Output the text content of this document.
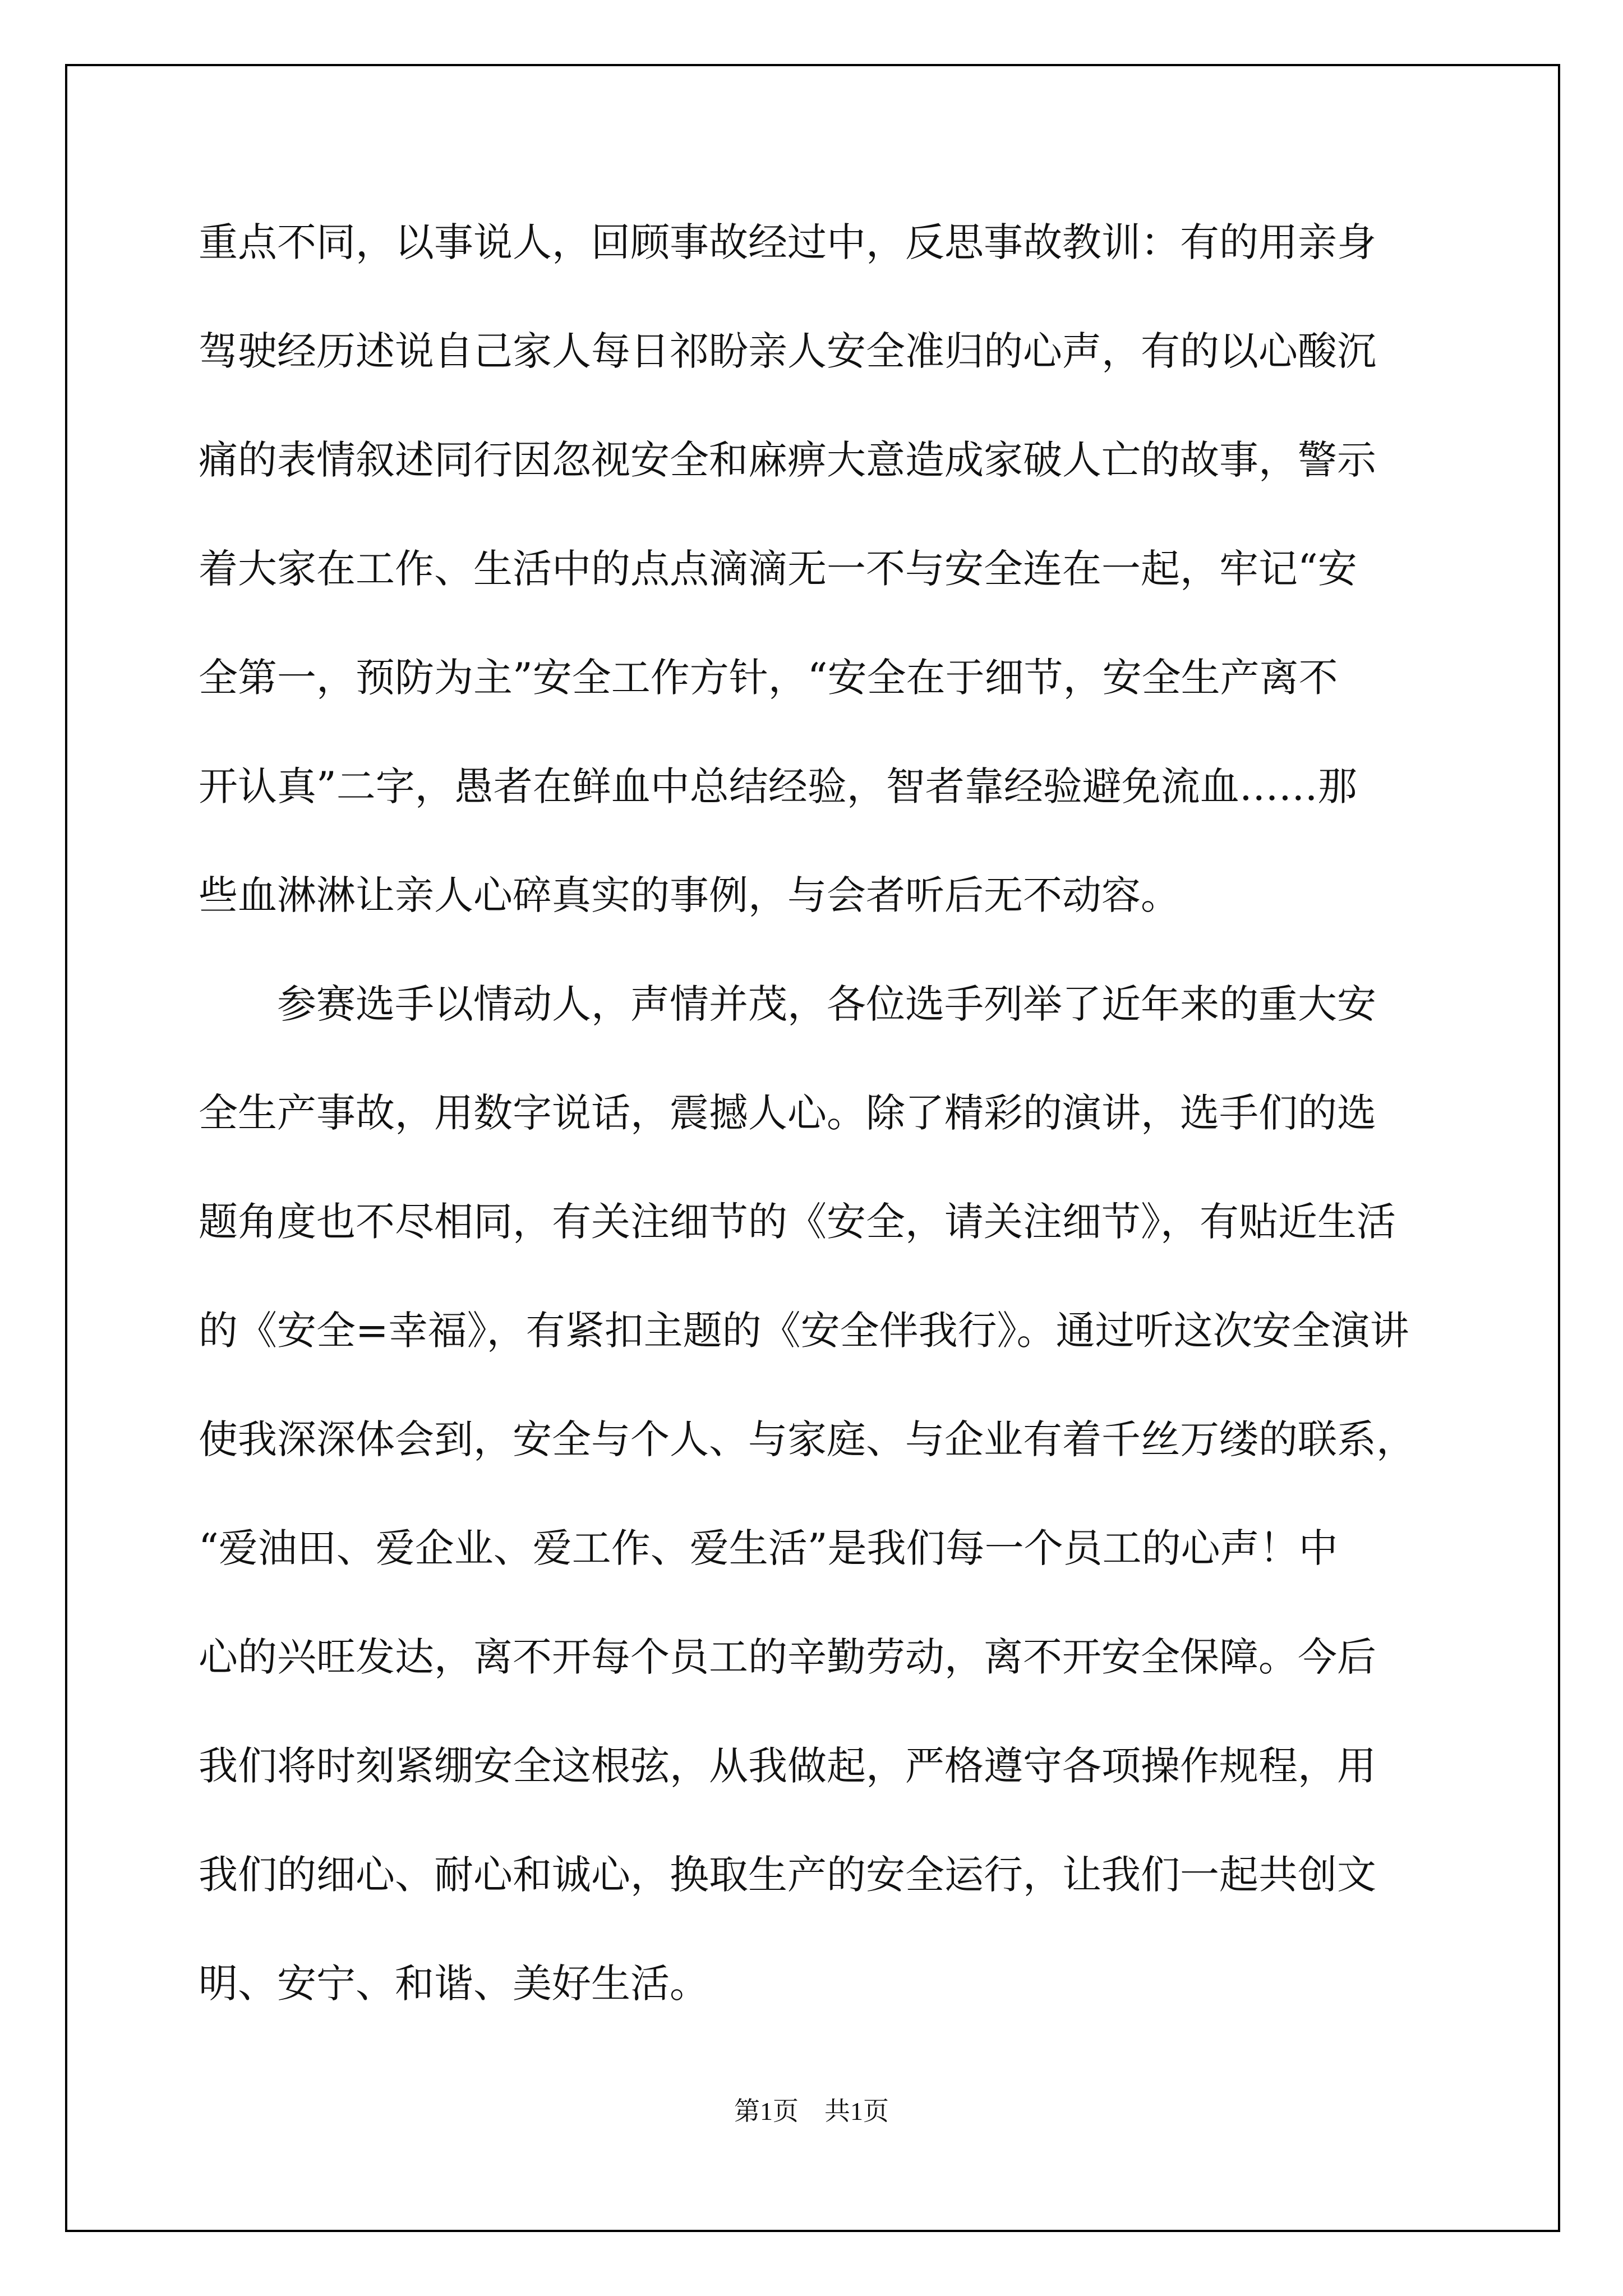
重点不同，以事说人，回顾事故经过中，反思事故教训：有的用亲身
驾驶经历述说自己家人每日祁盼亲人安全准归的心声，有的以心酸沉
痛的表情叙述同行因忽视安全和麻痹大意造成家破人亡的故事，警示
着大家在工作、生活中的点点滴滴无一不与安全连在一起，牢记“安
全第一，预防为主”安全工作方针，“安全在于细节，安全生产离不
开认真”二字，愚者在鲜血中总结经验，智者靠经验避免流血……那
些血淋淋让亲人心碎真实的事例，与会者听后无不动容。
参赛选手以情动人，声情并茂，各位选手列举了近年来的重大安
全生产事故，用数字说话，震撼人心。除了精彩的演讲，选手们的选
题角度也不尽相同，有关注细节的《安全，请关注细节》，有贴近生活
的《安全=幸福》，有紧扣主题的《安全伴我行》。通过听这次安全演讲
使我深深体会到，安全与个人、与家庭、与企业有着千丝万缕的联系，
“爱油田、爱企业、爱工作、爱生活”是我们每一个员工的心声！中
心的兴旺发达，离不开每个员工的辛勤劳动，离不开安全保障。今后
我们将时刻紧绷安全这根弦，从我做起，严格遵守各项操作规程，用
我们的细心、耐心和诚心，换取生产的安全运行，让我们一起共创文
明、安宁、和谐、美好生活。
第1页　共1页
